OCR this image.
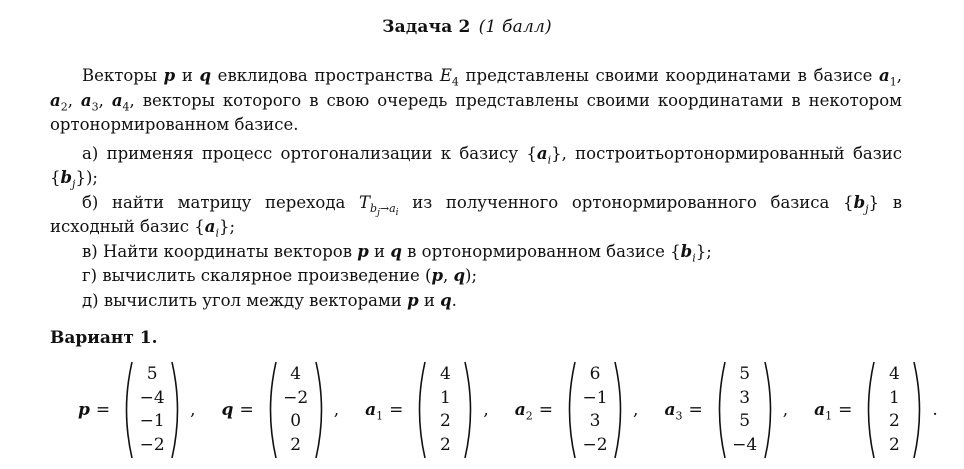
Задача 2 (1 балл)

Векторы p и q евклидова пространства $E_4$ представлены своими координатами в базисе $a_1$, $a_2$, $a_3$, $a_4$, векторы которого в свою очередь представлены своими координатами в некотором ортонормированном базисе.

а) применяя процесс ортогонализации к базису $\{a_i\}$, построитьортонормированный базис $\{b_j\}$);

б) найти матрицу перехода $T_{b_j\to a_i}$ из полученного ортонормированного базиса $\{b_j\}$ в исходный базис $\{a_i\}$;

в) Найти координаты векторов p и q в ортонормированном базисе $\{b_i\}$;

г) вычислить скалярное произведение (p, q);

д) вычислить угол между векторами p и q.

Вариант 1.
p =
5
−4
−1
−2
, q =
4
−2
0
2
, $a_1$ =
4
1
2
2
, $a_2$ =
6
−1
3
−2
, $a_3$ =
5
3
5
−4
, $a_1$ =
4
1
2
2
.
